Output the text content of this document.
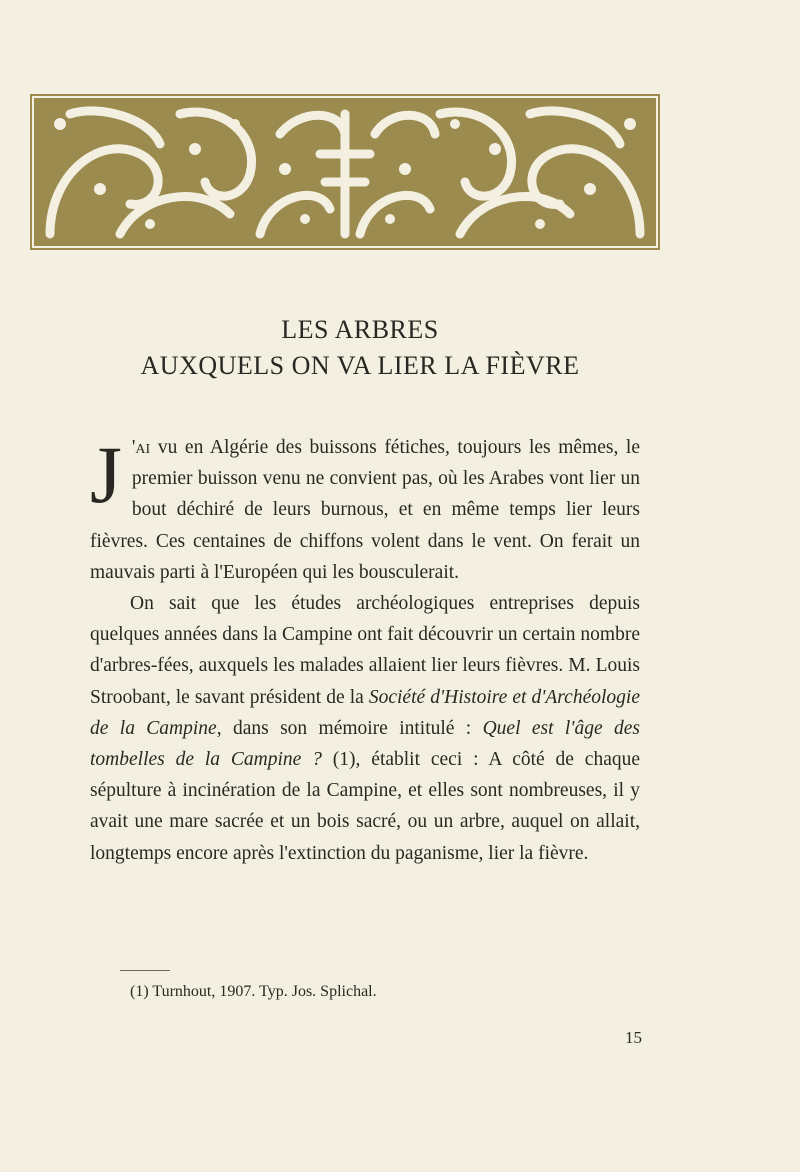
LES ARBRES
AUXQUELS ON VA LIER LA FIÈVRE

J 'ai vu en Algérie des buissons fétiches, toujours les mêmes, le premier buisson venu ne convient pas, où les Arabes vont lier un bout déchiré de leurs burnous, et en même temps lier leurs fièvres. Ces centaines de chiffons volent dans le vent. On ferait un mauvais parti à l'Européen qui les bousculerait.

On sait que les études archéologiques entreprises depuis quelques années dans la Campine ont fait découvrir un certain nombre d'arbres-fées, auxquels les malades allaient lier leurs fièvres. M. Louis Stroobant, le savant président de la Société d'Histoire et d'Archéologie de la Campine, dans son mémoire intitulé : Quel est l'âge des tombelles de la Campine ? (1), établit ceci : A côté de chaque sépulture à incinération de la Campine, et elles sont nombreuses, il y avait une mare sacrée et un bois sacré, ou un arbre, auquel on allait, longtemps encore après l'extinction du paganisme, lier la fièvre.

(1) Turnhout, 1907. Typ. Jos. Splichal.
15
